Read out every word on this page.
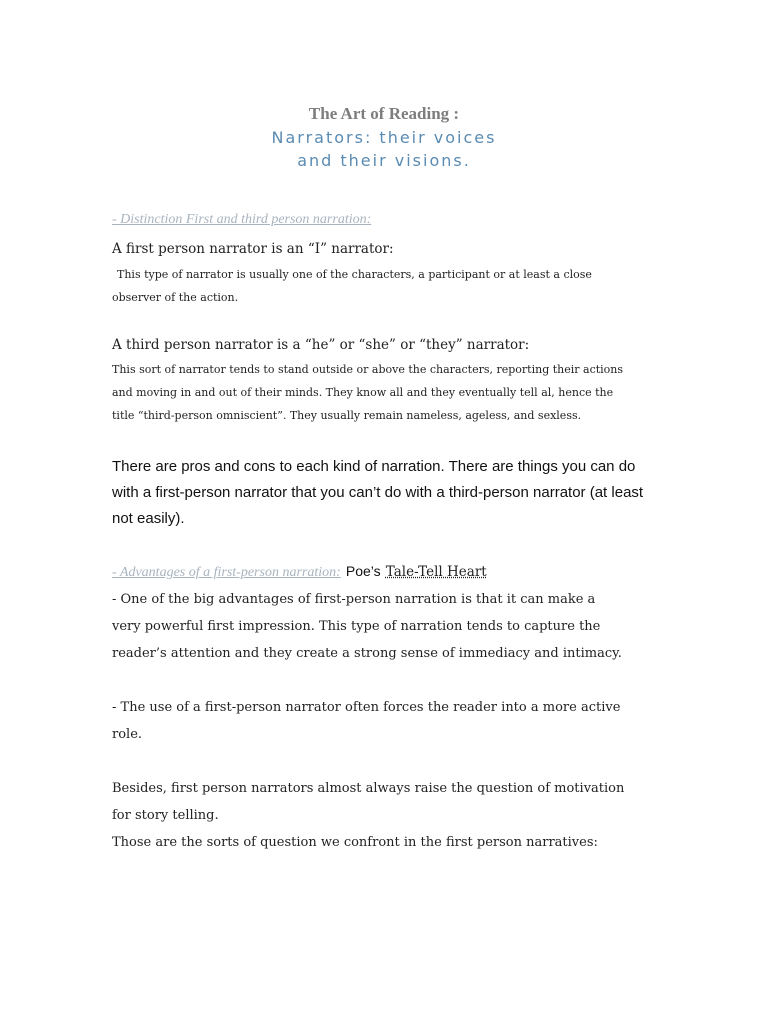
The Art of Reading :
Narrators: their voices
and their visions.
- Distinction First and third person narration:
A first person narrator is an “I” narrator:
This type of narrator is usually one of the characters, a participant or at least a close
observer of the action.
A third person narrator is a “he” or “she” or “they” narrator:
This sort of narrator tends to stand outside or above the characters, reporting their actions
and moving in and out of their minds. They know all and they eventually tell al, hence the
title “third-person omniscient”. They usually remain nameless, ageless, and sexless.
There are pros and cons to each kind of narration. There are things you can do
with a first-person narrator that you can’t do with a third-person narrator (at least
not easily).
- Advantages of a first-person narration: Poe’s Tale-Tell Heart
- One of the big advantages of first-person narration is that it can make a
very powerful first impression. This type of narration tends to capture the
reader’s attention and they create a strong sense of immediacy and intimacy.
- The use of a first-person narrator often forces the reader into a more active
role.
Besides, first person narrators almost always raise the question of motivation
for story telling.
Those are the sorts of question we confront in the first person narratives:
